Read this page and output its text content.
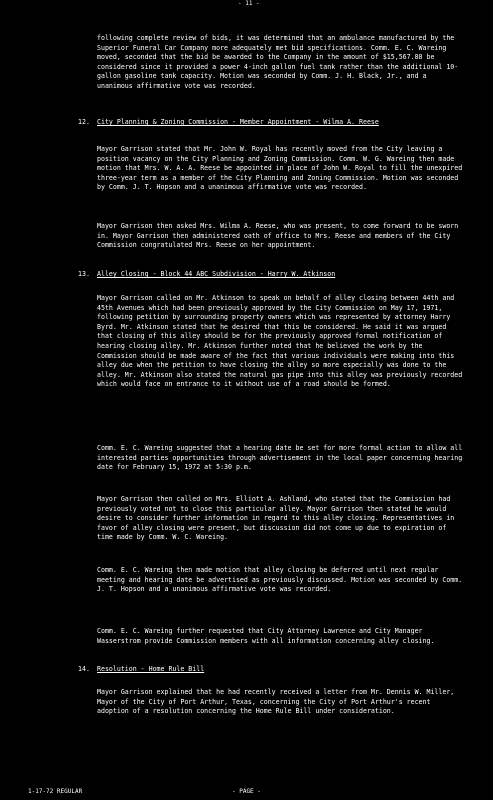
- 11 -

following complete review of bids, it was determined that an ambulance manufactured by the Superior Funeral Car Company more adequately met bid specifications. Comm. E. C. Wareing moved, seconded that the bid be awarded to the Company in the amount of $15,567.88 be considered since it provided a power 4-inch gallon fuel tank rather than the additional 10-gallon gasoline tank capacity. Motion was seconded by Comm. J. H. Black, Jr., and a unanimous affirmative vote was recorded.

12. City Planning & Zoning Commission - Member Appointment - Wilma A. Reese

Mayor Garrison stated that Mr. John W. Royal has recently moved from the City leaving a position vacancy on the City Planning and Zoning Commission. Comm. W. G. Wareing then made motion that Mrs. W. A. A. Reese be appointed in place of John W. Royal to fill the unexpired three-year term as a member of the City Planning and Zoning Commission. Motion was seconded by Comm. J. T. Hopson and a unanimous affirmative vote was recorded.

Mayor Garrison then asked Mrs. Wilma A. Reese, who was present, to come forward to be sworn in. Mayor Garrison then administered oath of office to Mrs. Reese and members of the City Commission congratulated Mrs. Reese on her appointment.

13. Alley Closing - Block 44 ABC Subdivision - Harry W. Atkinson

Mayor Garrison called on Mr. Atkinson to speak on behalf of alley closing between 44th and 45th Avenues which had been previously approved by the City Commission on May 17, 1971, following petition by surrounding property owners which was represented by attorney Harry Byrd. Mr. Atkinson stated that he desired that this be considered. He said it was argued that closing of this alley should be for the previously approved formal notification of hearing closing alley. Mr. Atkinson further noted that he believed the work by the Commission should be made aware of the fact that various individuals were making into this alley due when the petition to have closing the alley so more especially was done to the alley. Mr. Atkinson also stated the natural gas pipe into this alley was previously recorded which would face on entrance to it without use of a road should be formed.

Comm. E. C. Wareing suggested that a hearing date be set for more formal action to allow all interested parties opportunities through advertisement in the local paper concerning hearing date for February 15, 1972 at 5:30 p.m.

Mayor Garrison then called on Mrs. Elliott A. Ashland, who stated that the Commission had previously voted not to close this particular alley. Mayor Garrison then stated he would desire to consider further information in regard to this alley closing. Representatives in favor of alley closing were present, but discussion did not come up due to expiration of time made by Comm. W. C. Wareing.

Comm. E. C. Wareing then made motion that alley closing be deferred until next regular meeting and hearing date be advertised as previously discussed. Motion was seconded by Comm. J. T. Hopson and a unanimous affirmative vote was recorded.

Comm. E. C. Wareing further requested that City Attorney Lawrence and City Manager Wasserstrom provide Commission members with all information concerning alley closing.

14. Resolution - Home Rule Bill

Mayor Garrison explained that he had recently received a letter from Mr. Dennis W. Miller, Mayor of the City of Port Arthur, Texas, concerning the City of Port Arthur's recent adoption of a resolution concerning the Home Rule Bill under consideration.

1-17-72 REGULAR	- PAGE -
